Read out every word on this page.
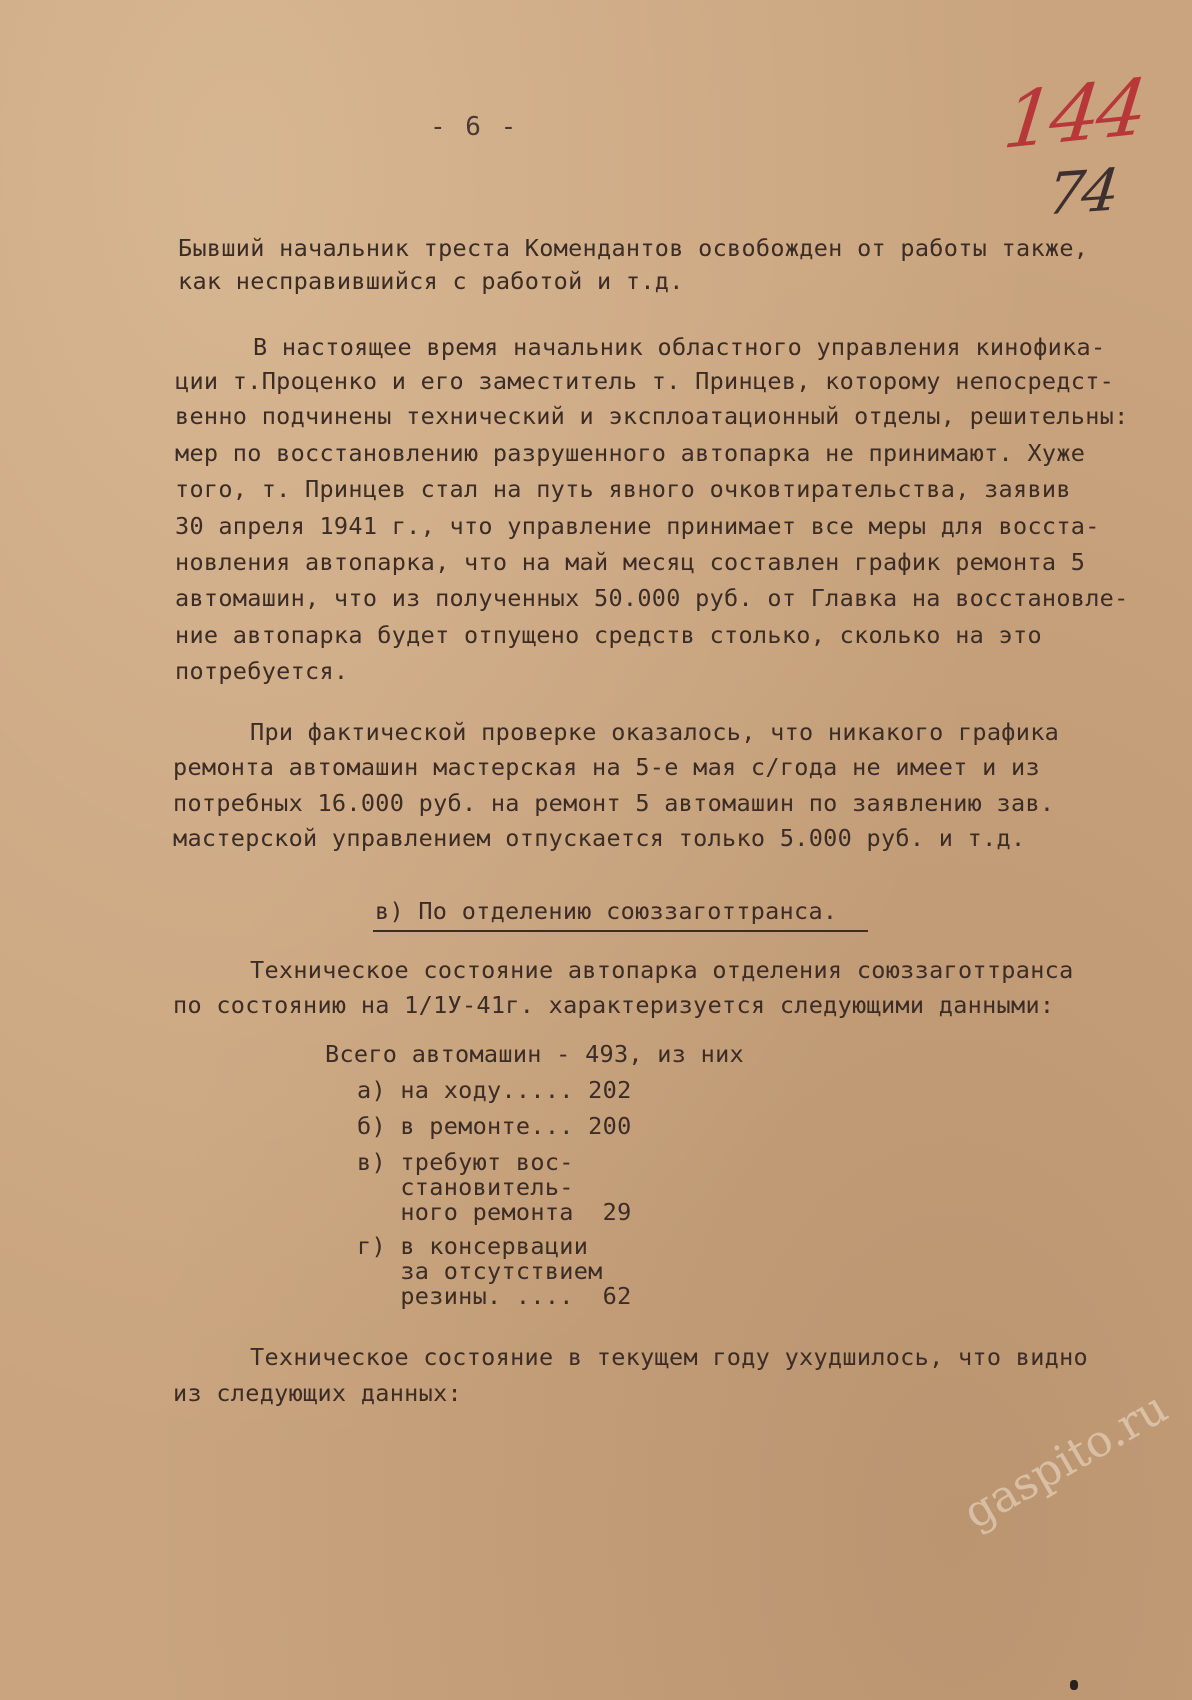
- 6 -	144
74
Бывший начальник треста Комендантов освобожден от работы также,
как несправившийся с работой и т.д.
В настоящее время начальник областного управления кинофика-
ции т.Проценко и его заместитель т. Принцев, которому непосредст-
венно подчинены технический и эксплоатационный отделы, решительны:
мер по восстановлению разрушенного автопарка не принимают. Хуже
того, т. Принцев стал на путь явного очковтирательства, заявив
30 апреля 1941 г., что управление принимает все меры для восста-
новления автопарка, что на май месяц составлен график ремонта 5
автомашин, что из полученных 50.000 руб. от Главка на восстановле-
ние автопарка будет отпущено средств столько, сколько на это
потребуется.
При фактической проверке оказалось, что никакого графика
ремонта автомашин мастерская на 5-е мая с/года не имеет и из
потребных 16.000 руб. на ремонт 5 автомашин по заявлению зав.
мастерской управлением отпускается только 5.000 руб. и т.д.
в) По отделению союззаготтранса.
Техническое состояние автопарка отделения союззаготтранса
по состоянию на 1/1У-41г. характеризуется следующими данными:
Всего автомашин - 493, из них
а) на ходу..... 202
б) в ремонте... 200
в) требуют вос-
становитель-
ного ремонта  29
г) в консервации
за отсутствием
резины. ....  62
Техническое состояние в текущем году ухудшилось, что видно
из следующих данных:	gaspito.ru
